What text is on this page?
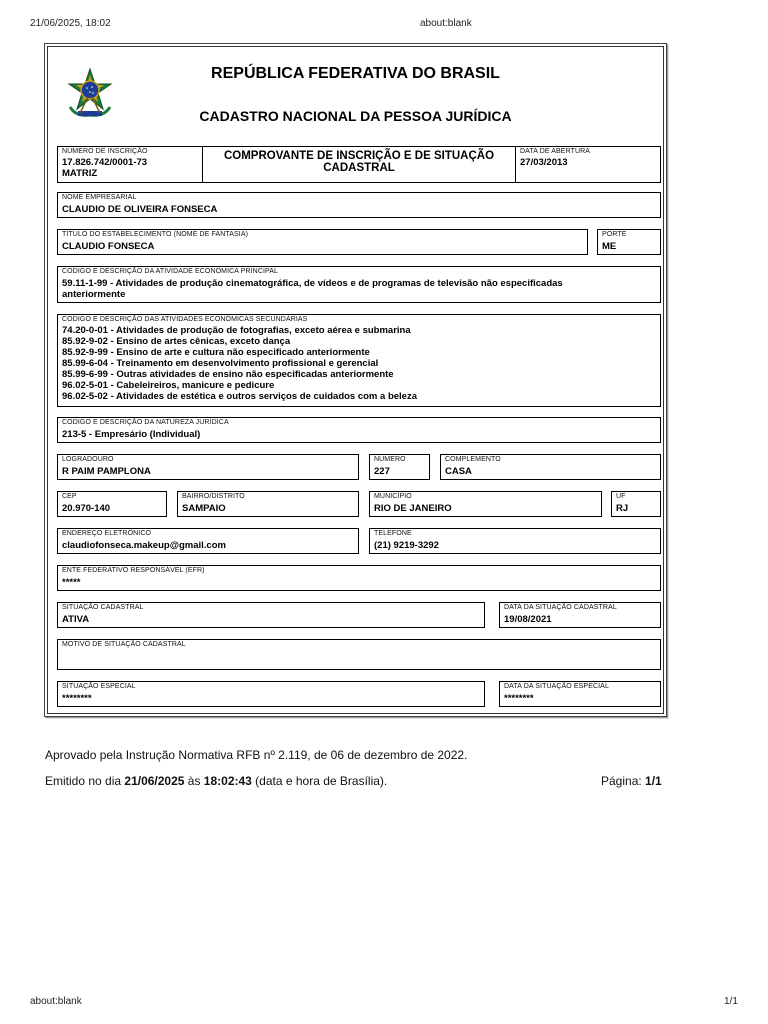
21/06/2025, 18:02	about:blank
REPÚBLICA FEDERATIVA DO BRASIL
CADASTRO NACIONAL DA PESSOA JURÍDICA
NÚMERO DE INSCRIÇÃO
17.826.742/0001-73
MATRIZ
COMPROVANTE DE INSCRIÇÃO E DE SITUAÇÃO
CADASTRAL
DATA DE ABERTURA
27/03/2013
NOME EMPRESARIAL
CLAUDIO DE OLIVEIRA FONSECA
TÍTULO DO ESTABELECIMENTO (NOME DE FANTASIA)
CLAUDIO FONSECA
PORTE
ME
CÓDIGO E DESCRIÇÃO DA ATIVIDADE ECONÔMICA PRINCIPAL
59.11-1-99 - Atividades de produção cinematográfica, de vídeos e de programas de televisão não especificadas
anteriormente
CÓDIGO E DESCRIÇÃO DAS ATIVIDADES ECONÔMICAS SECUNDÁRIAS
74.20-0-01 - Atividades de produção de fotografias, exceto aérea e submarina
85.92-9-02 - Ensino de artes cênicas, exceto dança
85.92-9-99 - Ensino de arte e cultura não especificado anteriormente
85.99-6-04 - Treinamento em desenvolvimento profissional e gerencial
85.99-6-99 - Outras atividades de ensino não especificadas anteriormente
96.02-5-01 - Cabeleireiros, manicure e pedicure
96.02-5-02 - Atividades de estética e outros serviços de cuidados com a beleza
CÓDIGO E DESCRIÇÃO DA NATUREZA JURÍDICA
213-5 - Empresário (Individual)
LOGRADOURO
R PAIM PAMPLONA
NÚMERO
227
COMPLEMENTO
CASA
CEP
20.970-140
BAIRRO/DISTRITO
SAMPAIO
MUNICÍPIO
RIO DE JANEIRO
UF
RJ
ENDEREÇO ELETRÔNICO
claudiofonseca.makeup@gmail.com
TELEFONE
(21) 9219-3292
ENTE FEDERATIVO RESPONSÁVEL (EFR)
*****
SITUAÇÃO CADASTRAL
ATIVA
DATA DA SITUAÇÃO CADASTRAL
19/08/2021
MOTIVO DE SITUAÇÃO CADASTRAL
SITUAÇÃO ESPECIAL
********
DATA DA SITUAÇÃO ESPECIAL
********
Aprovado pela Instrução Normativa RFB nº 2.119, de 06 de dezembro de 2022.
Emitido no dia 21/06/2025 às 18:02:43 (data e hora de Brasília).	Página: 1/1
about:blank	1/1
